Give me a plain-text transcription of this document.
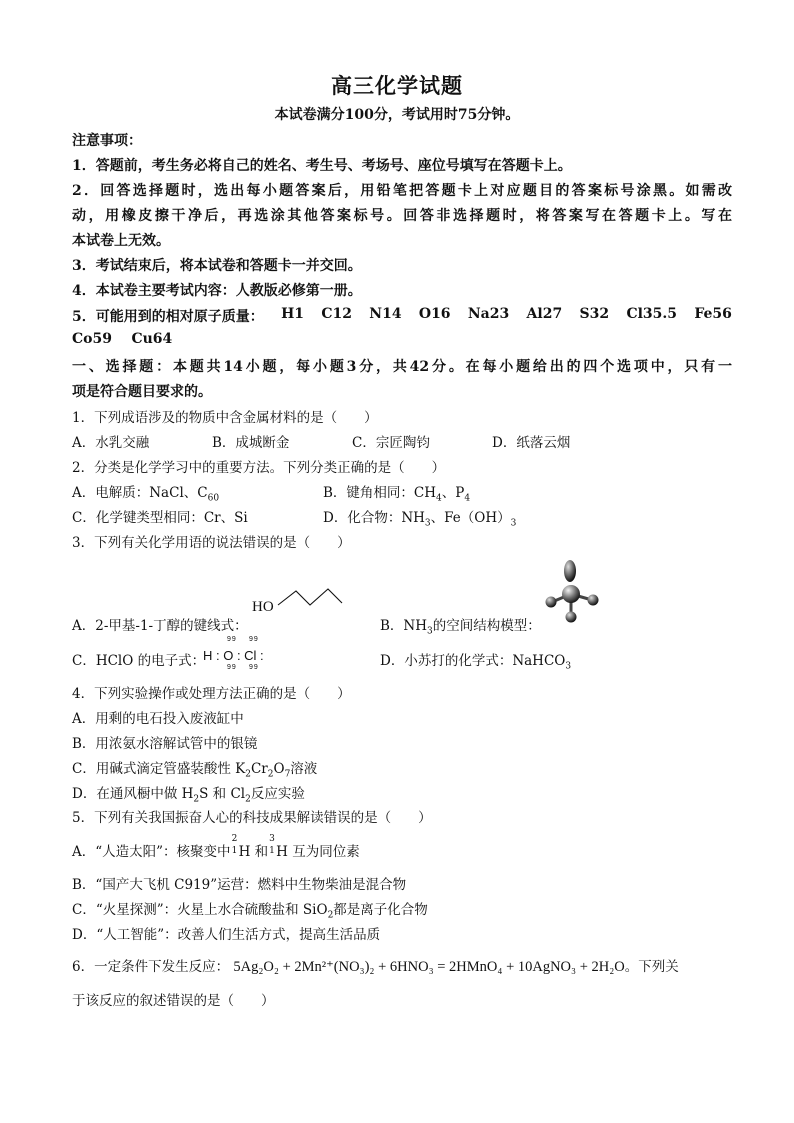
高三化学试题
本试卷满分100分，考试用时75分钟。
注意事项：
1．答题前，考生务必将自己的姓名、考生号、考场号、座位号填写在答题卡上。
2．回答选择题时，选出每小题答案后，用铅笔把答题卡上对应题目的答案标号涂黑。如需改
动，用橡皮擦干净后，再选涂其他答案标号。回答非选择题时，将答案写在答题卡上。写在
本试卷上无效。
3．考试结束后，将本试卷和答题卡一并交回。
4．本试卷主要考试内容：人教版必修第一册。
5．可能用到的相对原子质量： H1 C12 N14 O16 Na23 Al27 S32 Cl35.5 Fe56
Co59 Cu64
一、选择题：本题共14小题，每小题3分，共42分。在每小题给出的四个选项中，只有一
项是符合题目要求的。
1．下列成语涉及的物质中含金属材料的是（　　）
A．水乳交融	B．成城断金	C．宗匠陶钧	D．纸落云烟
2．分类是化学学习中的重要方法。下列分类正确的是（　　）
A．电解质：NaCl、$C_{60}$	B．键角相同：$CH_4$、$P_4$
C．化学键类型相同：Cr、Si	D．化合物：$NH_3$、$Fe(OH)_3$
3．下列有关化学用语的说法错误的是（　　）
A．2-甲基-1-丁醇的键线式：
HO
B．$NH_3$的空间结构模型：
C．HClO 的电子式：
H : O : Cl :
99 99
99 99	D．小苏打的化学式：NaHCO$_3$
4．下列实验操作或处理方法正确的是（　　）
A．用剩的电石投入废液缸中
B．用浓氨水溶解试管中的银镜
C．用碱式滴定管盛装酸性 $K_2Cr_2O_7$溶液
D．在通风橱中做 $H_2S$ 和 $Cl_2$反应实验
5．下列有关我国振奋人心的科技成果解读错误的是（　　）
A．“人造太阳”：核聚变中
2
1 H 和
3
1 H 互为同位素
B．“国产大飞机 C919”运营：燃料中生物柴油是混合物
C．“火星探测”：火星上水合硫酸盐和 SiO$_2$都是离子化合物
D．“人工智能”：改善人们生活方式，提高生活品质
6．一定条件下发生反应： 5Ag₂O₂ + 2Mn²⁺(NO₃)₂ + 6HNO₃ = 2HMnO₄ + 10AgNO₃ + 2H₂O。下列关
于该反应的叙述错误的是（　　）
